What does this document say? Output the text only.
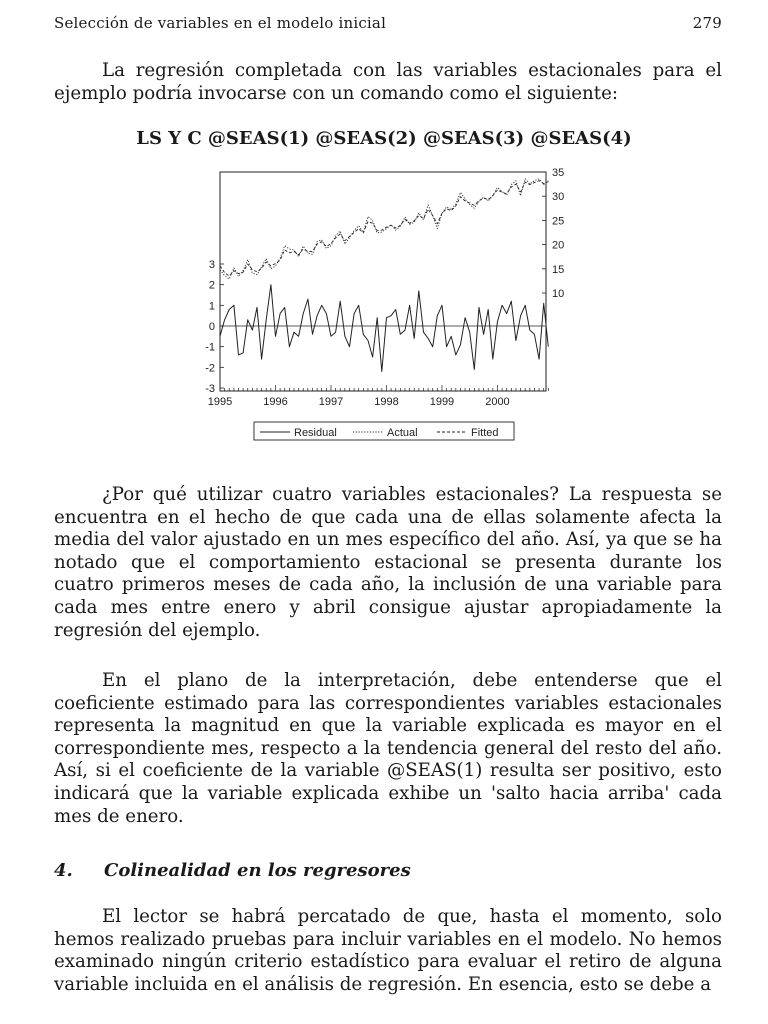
Selección de variables en el modelo inicial	279

La regresión completada con las variables estacionales para el ejemplo podría invocarse con un comando como el siguiente:

LS Y C @SEAS(1) @SEAS(2) @SEAS(3) @SEAS(4)

1995	1996	1997	1998	1999	2000
3
2
1
0
-1
-2
-3
35
30
25
20
15
10
Residual	Actual	Fitted

¿Por qué utilizar cuatro variables estacionales? La respuesta se encuentra en el hecho de que cada una de ellas solamente afecta la media del valor ajustado en un mes específico del año. Así, ya que se ha notado que el comportamiento estacional se presenta durante los cuatro primeros meses de cada año, la inclusión de una variable para cada mes entre enero y abril consigue ajustar apropiadamente la regresión del ejemplo.

En el plano de la interpretación, debe entenderse que el coeficiente estimado para las correspondientes variables estacionales representa la magnitud en que la variable explicada es mayor en el correspondiente mes, respecto a la tendencia general del resto del año. Así, si el coeficiente de la variable @SEAS(1) resulta ser positivo, esto indicará que la variable explicada exhibe un 'salto hacia arriba' cada mes de enero.

4. Colinealidad en los regresores

El lector se habrá percatado de que, hasta el momento, solo hemos realizado pruebas para incluir variables en el modelo. No hemos examinado ningún criterio estadístico para evaluar el retiro de alguna variable incluida en el análisis de regresión. En esencia, esto se debe a
